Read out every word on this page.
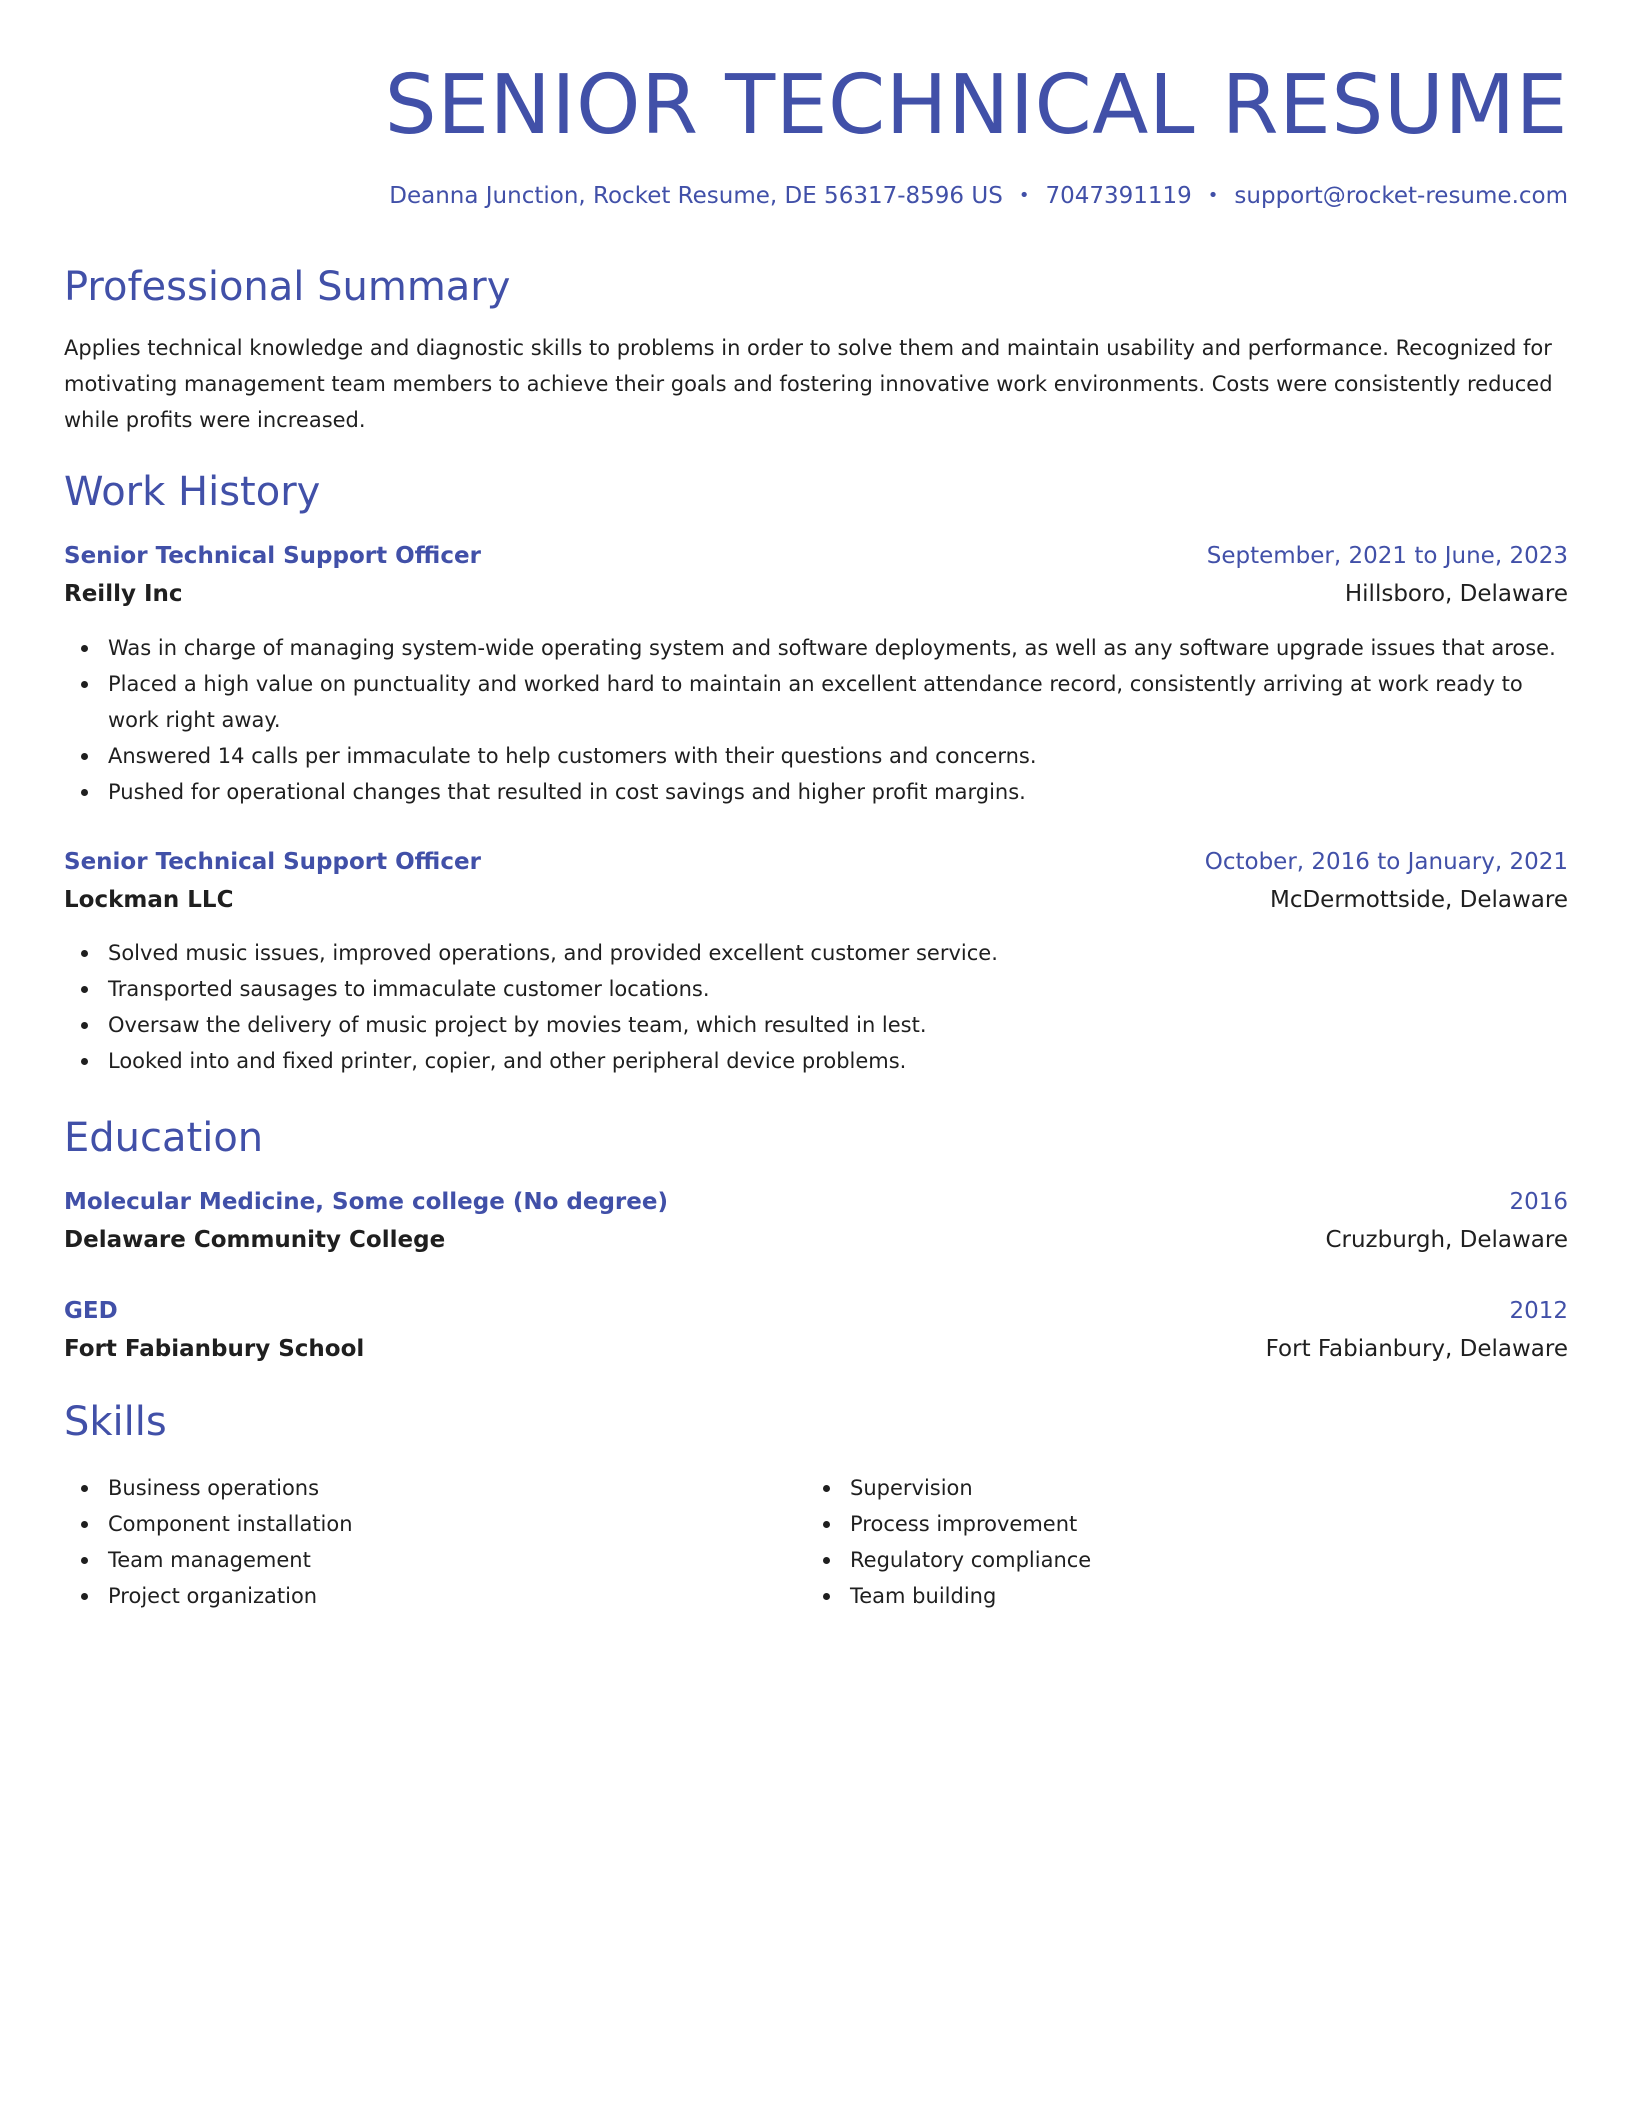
SENIOR TECHNICAL RESUME
Deanna Junction, Rocket Resume, DE 56317-8596 US • 7047391119 • support@rocket-resume.com
Professional Summary

Applies technical knowledge and diagnostic skills to problems in order to solve them and maintain usability and performance. Recognized for motivating management team members to achieve their goals and fostering innovative work environments. Costs were consistently reduced while profits were increased.

Work History
Senior Technical Support Officer	September, 2021 to June, 2023
Reilly Inc	Hillsboro, Delaware
Was in charge of managing system-wide operating system and software deployments, as well as any software upgrade issues that arose.
Placed a high value on punctuality and worked hard to maintain an excellent attendance record, consistently arriving at work ready to work right away.
Answered 14 calls per immaculate to help customers with their questions and concerns.
Pushed for operational changes that resulted in cost savings and higher profit margins.
Senior Technical Support Officer	October, 2016 to January, 2021
Lockman LLC	McDermottside, Delaware
Solved music issues, improved operations, and provided excellent customer service.
Transported sausages to immaculate customer locations.
Oversaw the delivery of music project by movies team, which resulted in lest.
Looked into and fixed printer, copier, and other peripheral device problems.
Education
Molecular Medicine, Some college (No degree)	2016
Delaware Community College	Cruzburgh, Delaware
GED	2012
Fort Fabianbury School	Fort Fabianbury, Delaware
Skills
Business operations
Component installation
Team management
Project organization
Supervision
Process improvement
Regulatory compliance
Team building
